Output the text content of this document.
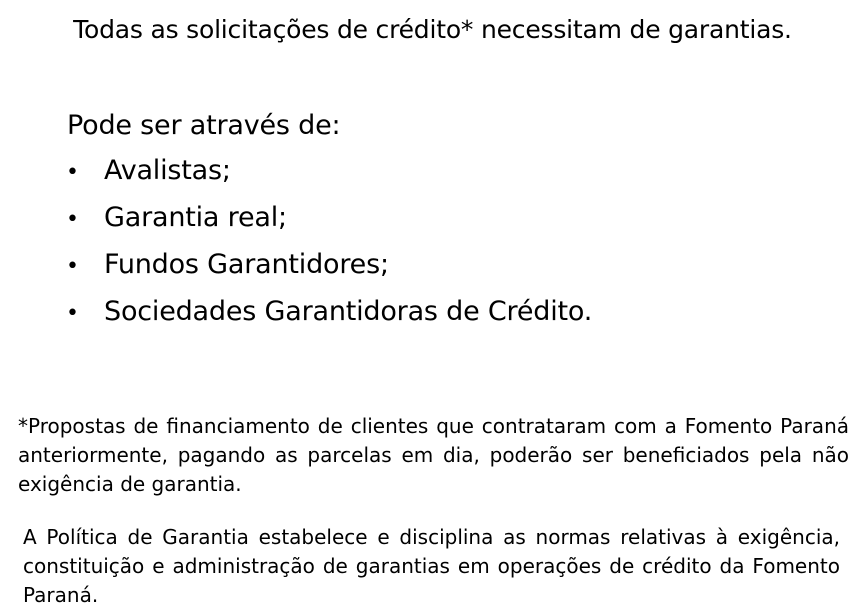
Todas as solicitações de crédito* necessitam de garantias.
Pode ser através de:
• Avalistas;
• Garantia real;
• Fundos Garantidores;
• Sociedades Garantidoras de Crédito.

*Propostas de financiamento de clientes que contrataram com a Fomento Paraná anteriormente, pagando as parcelas em dia, poderão ser beneficiados pela não exigência de garantia.

A Política de Garantia estabelece e disciplina as normas relativas à exigência, constituição e administração de garantias em operações de crédito da Fomento Paraná.
